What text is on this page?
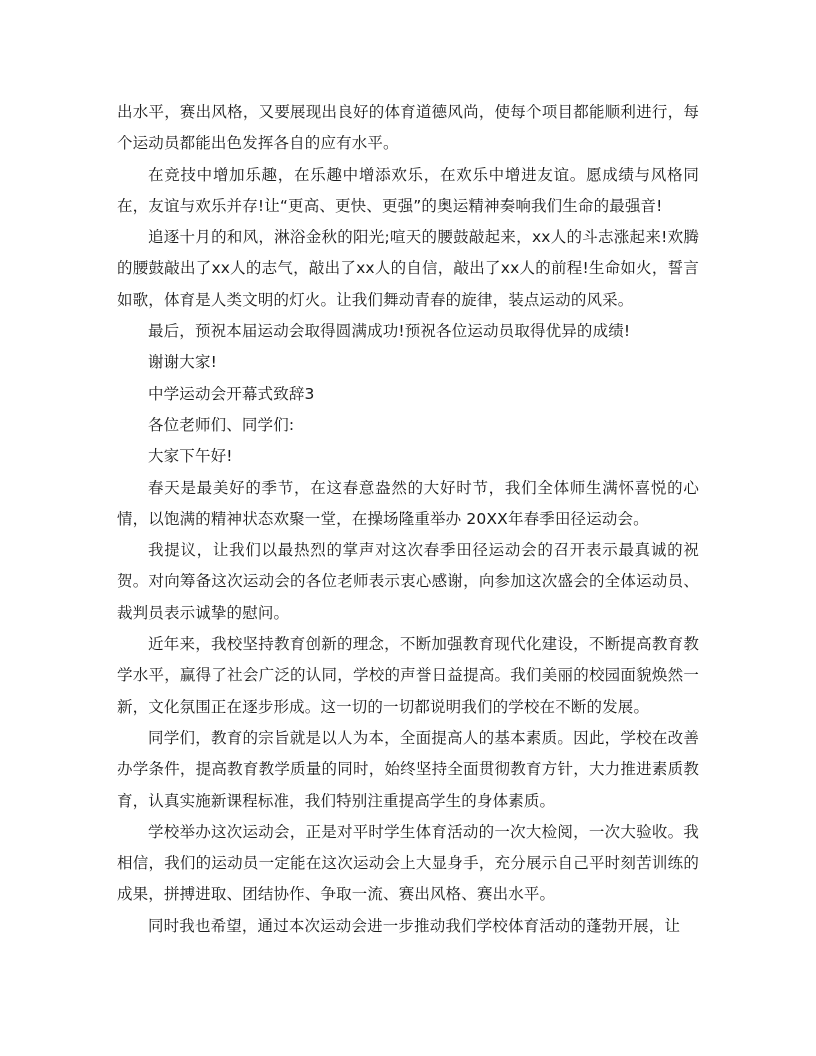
出水平，赛出风格，又要展现出良好的体育道德风尚，使每个项目都能顺利进行，每个运动员都能出色发挥各自的应有水平。

在竞技中增加乐趣，在乐趣中增添欢乐，在欢乐中增进友谊。愿成绩与风格同在，友谊与欢乐并存!让“更高、更快、更强”的奥运精神奏响我们生命的最强音!

追逐十月的和风，淋浴金秋的阳光;喧天的腰鼓敲起来，xx人的斗志涨起来!欢腾的腰鼓敲出了xx人的志气，敲出了xx人的自信，敲出了xx人的前程!生命如火，誓言如歌，体育是人类文明的灯火。让我们舞动青春的旋律，装点运动的风采。

最后，预祝本届运动会取得圆满成功!预祝各位运动员取得优异的成绩!

谢谢大家!

中学运动会开幕式致辞3

各位老师们、同学们:

大家下午好!

春天是最美好的季节，在这春意盎然的大好时节，我们全体师生满怀喜悦的心情，以饱满的精神状态欢聚一堂，在操场隆重举办 20XX年春季田径运动会。

我提议，让我们以最热烈的掌声对这次春季田径运动会的召开表示最真诚的祝贺。对向筹备这次运动会的各位老师表示衷心感谢，向参加这次盛会的全体运动员、裁判员表示诚挚的慰问。

近年来，我校坚持教育创新的理念，不断加强教育现代化建设，不断提高教育教学水平，赢得了社会广泛的认同，学校的声誉日益提高。我们美丽的校园面貌焕然一新，文化氛围正在逐步形成。这一切的一切都说明我们的学校在不断的发展。

同学们，教育的宗旨就是以人为本，全面提高人的基本素质。因此，学校在改善办学条件，提高教育教学质量的同时，始终坚持全面贯彻教育方针，大力推进素质教育，认真实施新课程标准，我们特别注重提高学生的身体素质。

学校举办这次运动会，正是对平时学生体育活动的一次大检阅，一次大验收。我相信，我们的运动员一定能在这次运动会上大显身手，充分展示自己平时刻苦训练的成果，拼搏进取、团结协作、争取一流、赛出风格、赛出水平。

同时我也希望，通过本次运动会进一步推动我们学校体育活动的蓬勃开展，让
